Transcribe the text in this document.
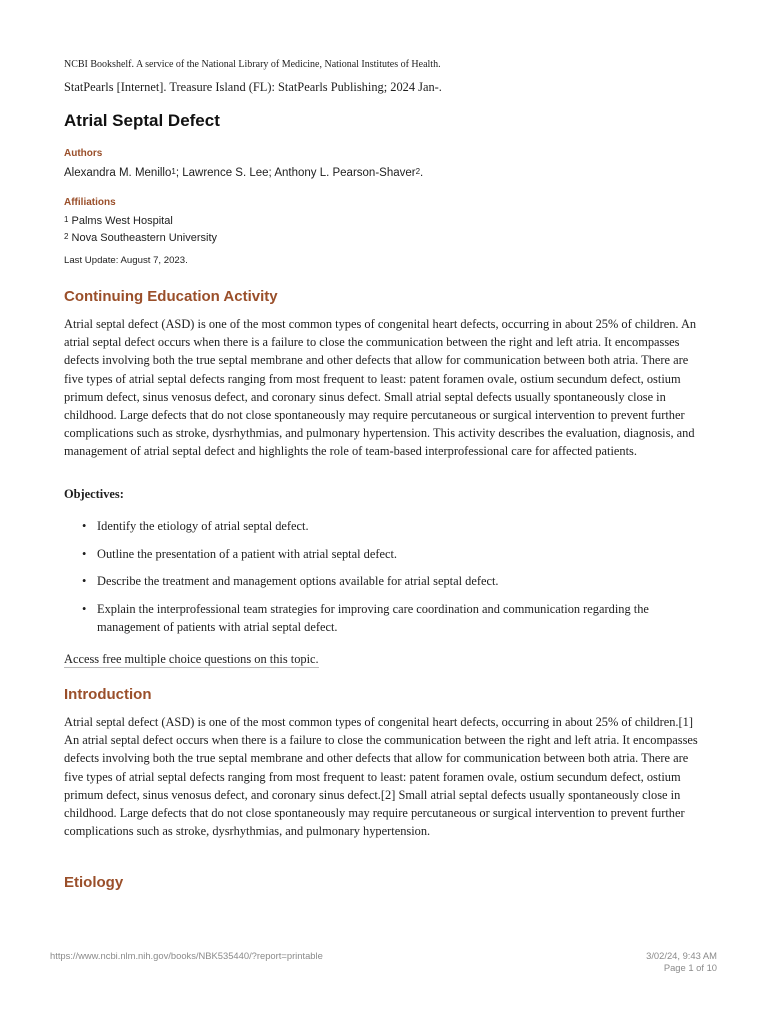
NCBI Bookshelf. A service of the National Library of Medicine, National Institutes of Health.
StatPearls [Internet]. Treasure Island (FL): StatPearls Publishing; 2024 Jan-.
Atrial Septal Defect
Authors
Alexandra M. Menillo$^1$; Lawrence S. Lee; Anthony L. Pearson-Shaver$^2$.
Affiliations
$^1$ Palms West Hospital
$^2$ Nova Southeastern University
Last Update: August 7, 2023.
Continuing Education Activity

Atrial septal defect (ASD) is one of the most common types of congenital heart defects, occurring in about 25% of children. An atrial septal defect occurs when there is a failure to close the communication between the right and left atria. It encompasses defects involving both the true septal membrane and other defects that allow for communication between both atria. There are five types of atrial septal defects ranging from most frequent to least: patent foramen ovale, ostium secundum defect, ostium primum defect, sinus venosus defect, and coronary sinus defect. Small atrial septal defects usually spontaneously close in childhood. Large defects that do not close spontaneously may require percutaneous or surgical intervention to prevent further complications such as stroke, dysrhythmias, and pulmonary hypertension. This activity describes the evaluation, diagnosis, and management of atrial septal defect and highlights the role of team-based interprofessional care for affected patients.

Objectives:
• Identify the etiology of atrial septal defect.
• Outline the presentation of a patient with atrial septal defect.
• Describe the treatment and management options available for atrial septal defect.
• Explain the interprofessional team strategies for improving care coordination and communication regarding the management of patients with atrial septal defect.
Access free multiple choice questions on this topic.
Introduction

Atrial septal defect (ASD) is one of the most common types of congenital heart defects, occurring in about 25% of children.[1] An atrial septal defect occurs when there is a failure to close the communication between the right and left atria. It encompasses defects involving both the true septal membrane and other defects that allow for communication between both atria. There are five types of atrial septal defects ranging from most frequent to least: patent foramen ovale, ostium secundum defect, ostium primum defect, sinus venosus defect, and coronary sinus defect.[2] Small atrial septal defects usually spontaneously close in childhood. Large defects that do not close spontaneously may require percutaneous or surgical intervention to prevent further complications such as stroke, dysrhythmias, and pulmonary hypertension.

Etiology
https://www.ncbi.nlm.nih.gov/books/NBK535440/?report=printable	3/02/24, 9:43 AM
Page 1 of 10
